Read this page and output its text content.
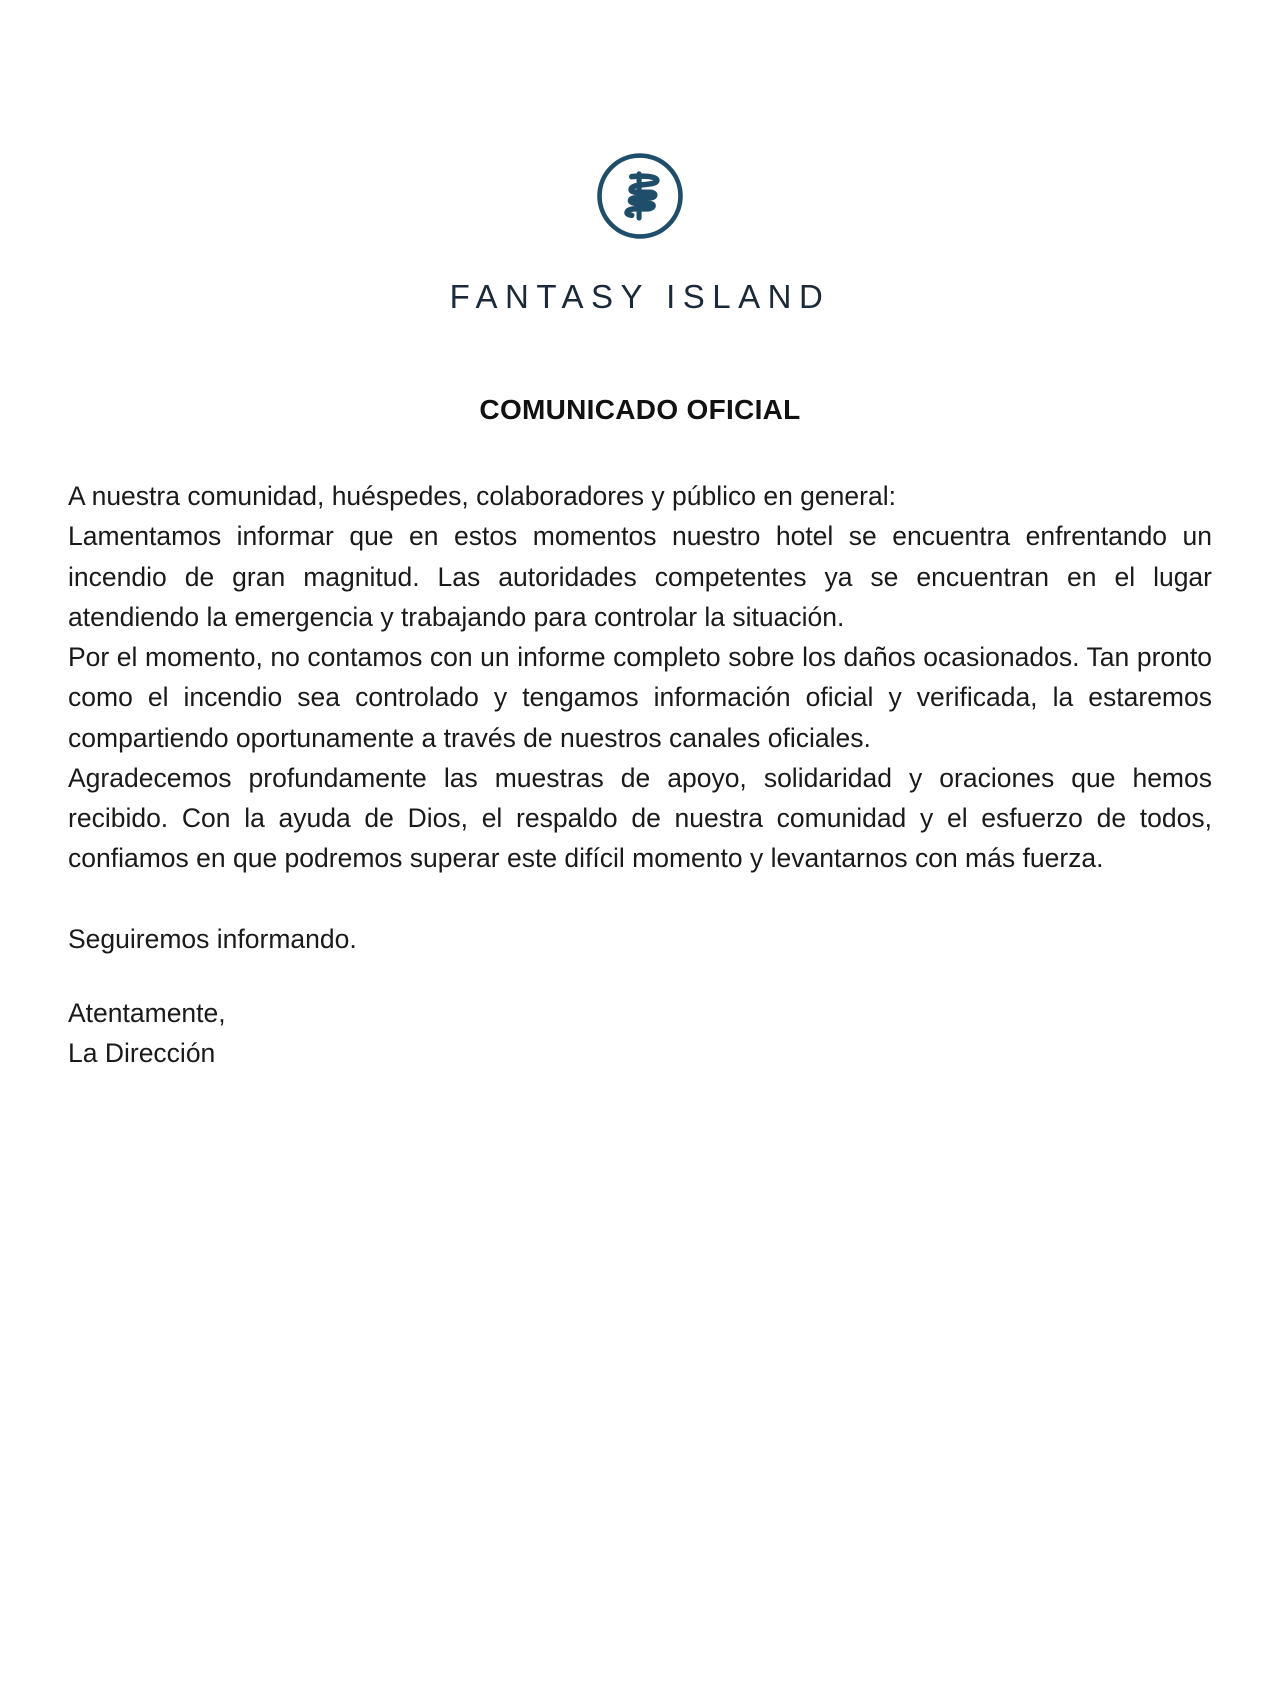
FANTASY ISLAND
COMUNICADO OFICIAL

A nuestra comunidad, huéspedes, colaboradores y público en general:

Lamentamos informar que en estos momentos nuestro hotel se encuentra enfrentando un incendio de gran magnitud. Las autoridades competentes ya se encuentran en el lugar atendiendo la emergencia y trabajando para controlar la situación.

Por el momento, no contamos con un informe completo sobre los daños ocasionados. Tan pronto como el incendio sea controlado y tengamos información oficial y verificada, la estaremos compartiendo oportunamente a través de nuestros canales oficiales.

Agradecemos profundamente las muestras de apoyo, solidaridad y oraciones que hemos recibido. Con la ayuda de Dios, el respaldo de nuestra comunidad y el esfuerzo de todos, confiamos en que podremos superar este difícil momento y levantarnos con más fuerza.

Seguiremos informando.

Atentamente,

La Dirección
